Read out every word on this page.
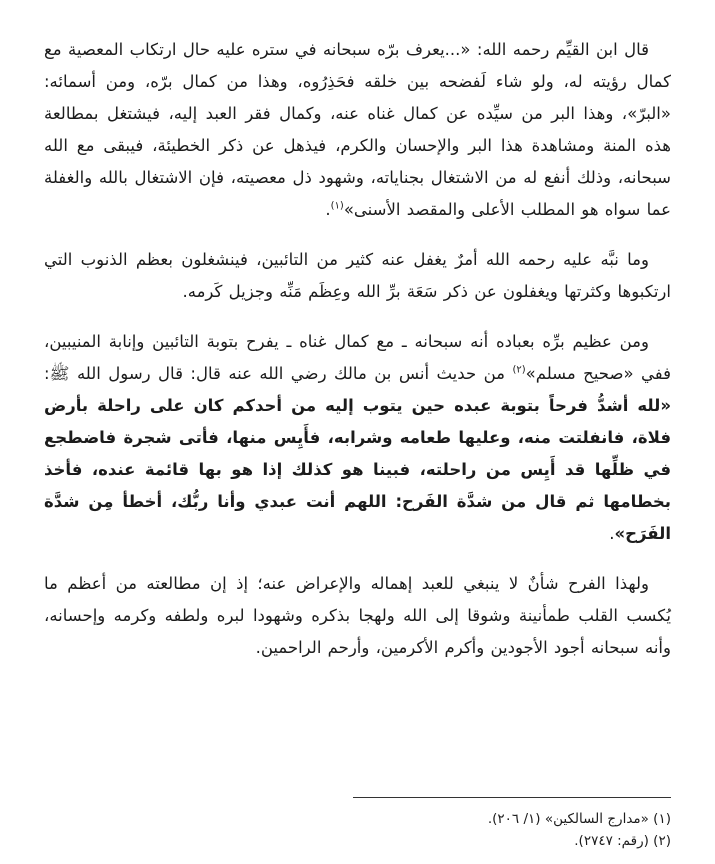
قال ابن القيِّم رحمه الله: «...يعرف برّه سبحانه في ستره عليه حال ارتكاب المعصية مع كمال رؤيته له، ولو شاء لَفضحه بين خلقه فحَذِرُوه، وهذا من كمال برّه، ومن أسمائه: «البرّ»، وهذا البر من سيِّده عن كمال غناه عنه، وكمال فقر العبد إليه، فيشتغل بمطالعة هذه المنة ومشاهدة هذا البر والإحسان والكرم، فيذهل عن ذكر الخطيئة، فيبقى مع الله سبحانه، وذلك أنفع له من الاشتغال بجناياته، وشهود ذل معصيته، فإن الاشتغال بالله والغفلة عما سواه هو المطلب الأعلى والمقصد الأسنى»$^{(١)}$.

وما نبَّه عليه رحمه الله أمرٌ يغفل عنه كثير من التائبين، فينشغلون بعظم الذنوب التي ارتكبوها وكثرتها ويغفلون عن ذكر سَعَة برِّ الله وعِظَم مَنِّه وجزيل كَرمه.

ومن عظيم برِّه بعباده أنه سبحانه ـ مع كمال غناه ـ يفرح بتوبة التائبين وإنابة المنيبين، ففي «صحيح مسلم»$^{(٢)}$ من حديث أنس بن مالك رضي الله عنه قال: قال رسول الله ﷺ: «لله أشدُّ فرحاً بتوبة عبده حين يتوب إليه من أحدكم كان على راحلة بأرض فلاة، فانفلتت منه، وعليها طعامه وشرابه، فأَيِس منها، فأتى شجرة فاضطجع في ظلِّها قد أَيِس من راحلته، فبينا هو كذلك إذا هو بها قائمة عنده، فأخذ بخطامها ثم قال من شدَّة الفَرح: اللهم أنت عبدي وأنا ربُّك، أخطأ مِن شدَّة الفَرَح».

ولهذا الفرح شأنٌ لا ينبغي للعبد إهماله والإعراض عنه؛ إذ إن مطالعته من أعظم ما يُكسب القلب طمأنينة وشوقا إلى الله ولهجا بذكره وشهودا لبره ولطفه وكرمه وإحسانه، وأنه سبحانه أجود الأجودين وأكرم الأكرمين، وأرحم الراحمين.

(١) «مدارج السالكين» (١/ ٢٠٦).

(٢) (رقم: ٢٧٤٧).
